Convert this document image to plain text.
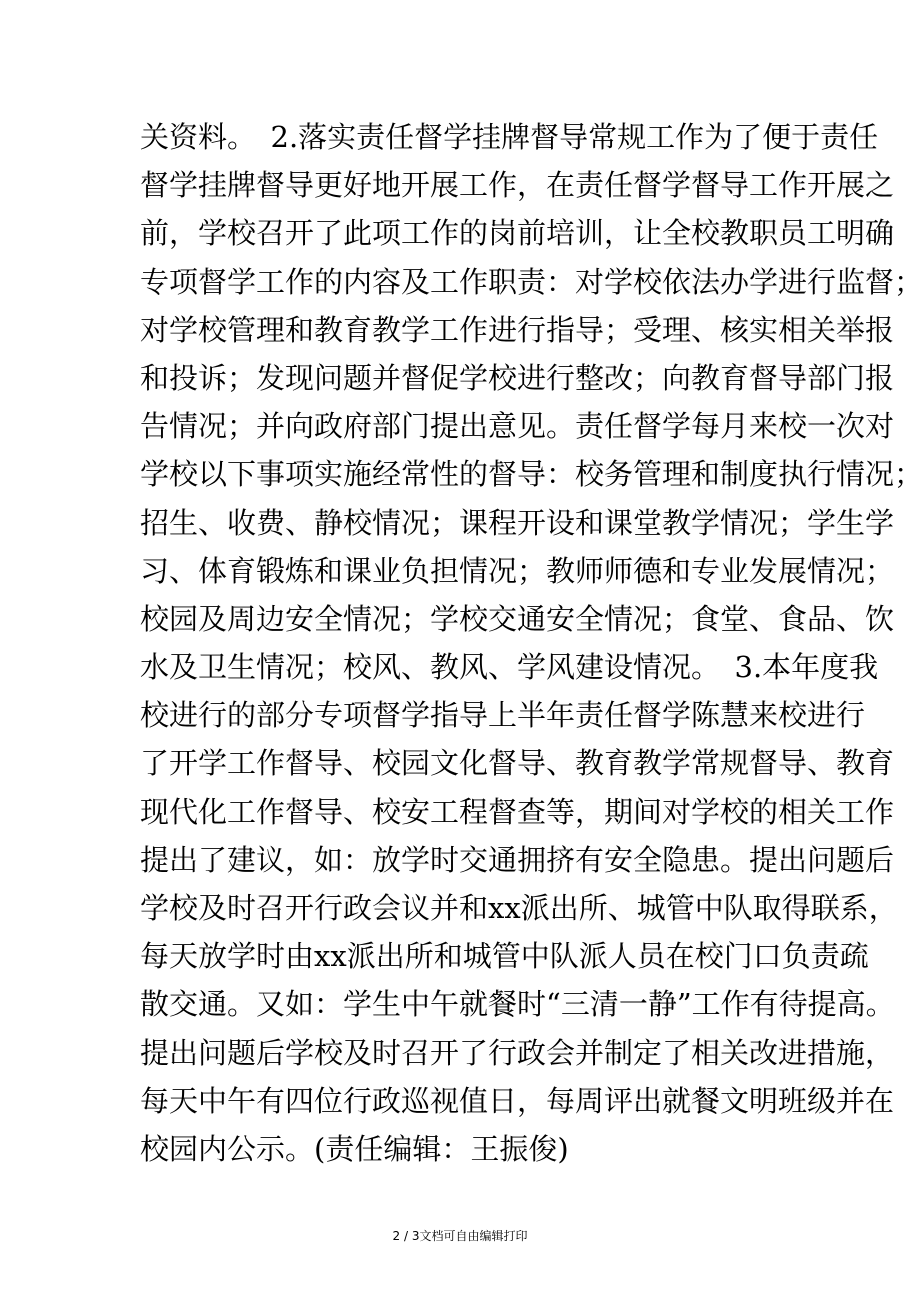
关资料。　2.落实责任督学挂牌督导常规工作为了便于责任
督学挂牌督导更好地开展工作，在责任督学督导工作开展之
前，学校召开了此项工作的岗前培训，让全校教职员工明确
专项督学工作的内容及工作职责：对学校依法办学进行监督；
对学校管理和教育教学工作进行指导；受理、核实相关举报
和投诉；发现问题并督促学校进行整改；向教育督导部门报
告情况；并向政府部门提出意见。责任督学每月来校一次对
学校以下事项实施经常性的督导：校务管理和制度执行情况；
招生、收费、静校情况；课程开设和课堂教学情况；学生学
习、体育锻炼和课业负担情况；教师师德和专业发展情况；
校园及周边安全情况；学校交通安全情况；食堂、食品、饮
水及卫生情况；校风、教风、学风建设情况。　3.本年度我
校进行的部分专项督学指导上半年责任督学陈慧来校进行
了开学工作督导、校园文化督导、教育教学常规督导、教育
现代化工作督导、校安工程督查等，期间对学校的相关工作
提出了建议，如：放学时交通拥挤有安全隐患。提出问题后
学校及时召开行政会议并和xx派出所、城管中队取得联系，
每天放学时由xx派出所和城管中队派人员在校门口负责疏
散交通。又如：学生中午就餐时“三清一静”工作有待提高。
提出问题后学校及时召开了行政会并制定了相关改进措施，
每天中午有四位行政巡视值日，每周评出就餐文明班级并在
校园内公示。(责任编辑：王振俊)
2 / 3文档可自由编辑打印
